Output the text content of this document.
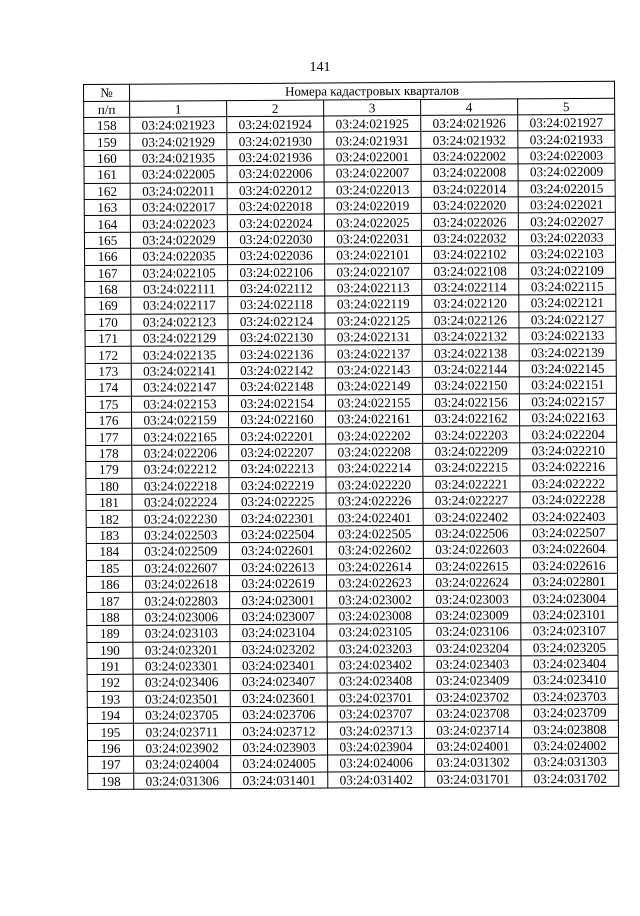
141
№	Номера кадастровых кварталов				
п/п	1	2	3	4	5
158	03:24:021923	03:24:021924	03:24:021925	03:24:021926	03:24:021927
159	03:24:021929	03:24:021930	03:24:021931	03:24:021932	03:24:021933
160	03:24:021935	03:24:021936	03:24:022001	03:24:022002	03:24:022003
161	03:24:022005	03:24:022006	03:24:022007	03:24:022008	03:24:022009
162	03:24:022011	03:24:022012	03:24:022013	03:24:022014	03:24:022015
163	03:24:022017	03:24:022018	03:24:022019	03:24:022020	03:24:022021
164	03:24:022023	03:24:022024	03:24:022025	03:24:022026	03:24:022027
165	03:24:022029	03:24:022030	03:24:022031	03:24:022032	03:24:022033
166	03:24:022035	03:24:022036	03:24:022101	03:24:022102	03:24:022103
167	03:24:022105	03:24:022106	03:24:022107	03:24:022108	03:24:022109
168	03:24:022111	03:24:022112	03:24:022113	03:24:022114	03:24:022115
169	03:24:022117	03:24:022118	03:24:022119	03:24:022120	03:24:022121
170	03:24:022123	03:24:022124	03:24:022125	03:24:022126	03:24:022127
171	03:24:022129	03:24:022130	03:24:022131	03:24:022132	03:24:022133
172	03:24:022135	03:24:022136	03:24:022137	03:24:022138	03:24:022139
173	03:24:022141	03:24:022142	03:24:022143	03:24:022144	03:24:022145
174	03:24:022147	03:24:022148	03:24:022149	03:24:022150	03:24:022151
175	03:24:022153	03:24:022154	03:24:022155	03:24:022156	03:24:022157
176	03:24:022159	03:24:022160	03:24:022161	03:24:022162	03:24:022163
177	03:24:022165	03:24:022201	03:24:022202	03:24:022203	03:24:022204
178	03:24:022206	03:24:022207	03:24:022208	03:24:022209	03:24:022210
179	03:24:022212	03:24:022213	03:24:022214	03:24:022215	03:24:022216
180	03:24:022218	03:24:022219	03:24:022220	03:24:022221	03:24:022222
181	03:24:022224	03:24:022225	03:24:022226	03:24:022227	03:24:022228
182	03:24:022230	03:24:022301	03:24:022401	03:24:022402	03:24:022403
183	03:24:022503	03:24:022504	03:24:022505	03:24:022506	03:24:022507
184	03:24:022509	03:24:022601	03:24:022602	03:24:022603	03:24:022604
185	03:24:022607	03:24:022613	03:24:022614	03:24:022615	03:24:022616
186	03:24:022618	03:24:022619	03:24:022623	03:24:022624	03:24:022801
187	03:24:022803	03:24:023001	03:24:023002	03:24:023003	03:24:023004
188	03:24:023006	03:24:023007	03:24:023008	03:24:023009	03:24:023101
189	03:24:023103	03:24:023104	03:24:023105	03:24:023106	03:24:023107
190	03:24:023201	03:24:023202	03:24:023203	03:24:023204	03:24:023205
191	03:24:023301	03:24:023401	03:24:023402	03:24:023403	03:24:023404
192	03:24:023406	03:24:023407	03:24:023408	03:24:023409	03:24:023410
193	03:24:023501	03:24:023601	03:24:023701	03:24:023702	03:24:023703
194	03:24:023705	03:24:023706	03:24:023707	03:24:023708	03:24:023709
195	03:24:023711	03:24:023712	03:24:023713	03:24:023714	03:24:023808
196	03:24:023902	03:24:023903	03:24:023904	03:24:024001	03:24:024002
197	03:24:024004	03:24:024005	03:24:024006	03:24:031302	03:24:031303
198	03:24:031306	03:24:031401	03:24:031402	03:24:031701	03:24:031702
